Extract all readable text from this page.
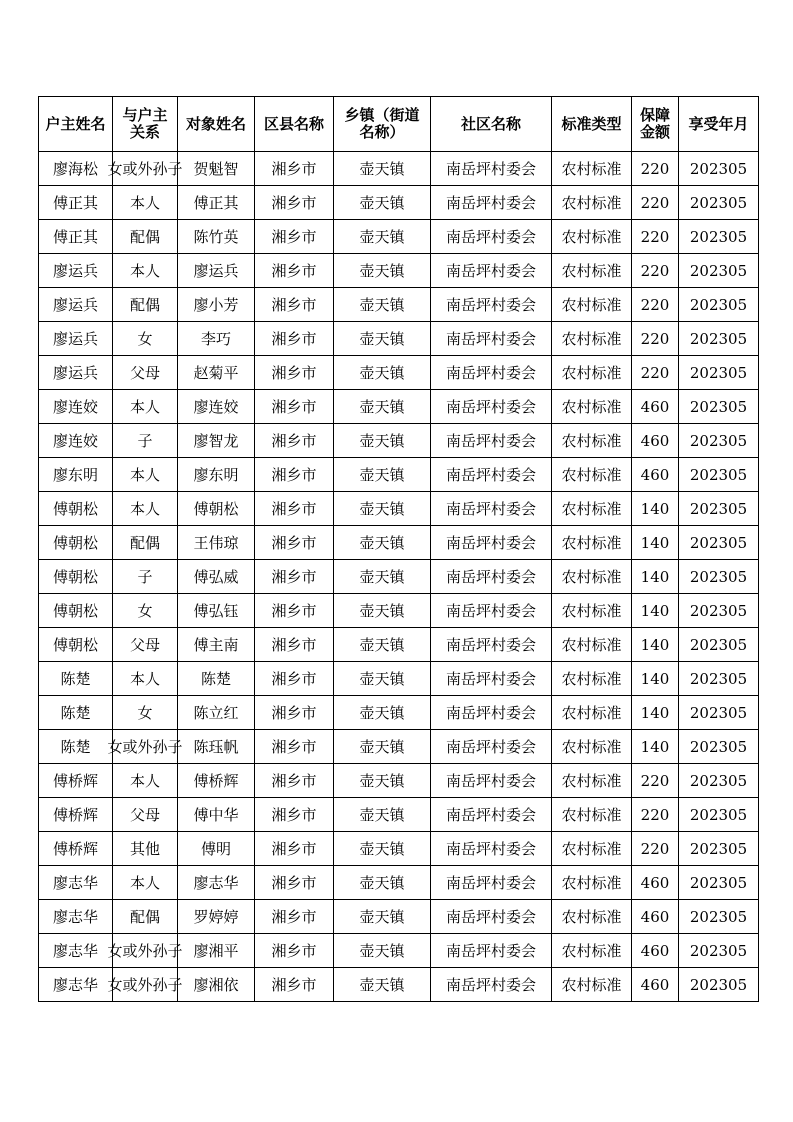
户主姓名	与户主关系	对象姓名	区县名称	乡镇（街道名称）	社区名称	标准类型	保障金额	享受年月
廖海松	女或外孙子	贺魁智	湘乡市	壶天镇	南岳坪村委会	农村标准	220	202305
傅正其	本人	傅正其	湘乡市	壶天镇	南岳坪村委会	农村标准	220	202305
傅正其	配偶	陈竹英	湘乡市	壶天镇	南岳坪村委会	农村标准	220	202305
廖运兵	本人	廖运兵	湘乡市	壶天镇	南岳坪村委会	农村标准	220	202305
廖运兵	配偶	廖小芳	湘乡市	壶天镇	南岳坪村委会	农村标准	220	202305
廖运兵	女	李巧	湘乡市	壶天镇	南岳坪村委会	农村标准	220	202305
廖运兵	父母	赵菊平	湘乡市	壶天镇	南岳坪村委会	农村标准	220	202305
廖连姣	本人	廖连姣	湘乡市	壶天镇	南岳坪村委会	农村标准	460	202305
廖连姣	子	廖智龙	湘乡市	壶天镇	南岳坪村委会	农村标准	460	202305
廖东明	本人	廖东明	湘乡市	壶天镇	南岳坪村委会	农村标准	460	202305
傅朝松	本人	傅朝松	湘乡市	壶天镇	南岳坪村委会	农村标准	140	202305
傅朝松	配偶	王伟琼	湘乡市	壶天镇	南岳坪村委会	农村标准	140	202305
傅朝松	子	傅弘威	湘乡市	壶天镇	南岳坪村委会	农村标准	140	202305
傅朝松	女	傅弘钰	湘乡市	壶天镇	南岳坪村委会	农村标准	140	202305
傅朝松	父母	傅主南	湘乡市	壶天镇	南岳坪村委会	农村标准	140	202305
陈楚	本人	陈楚	湘乡市	壶天镇	南岳坪村委会	农村标准	140	202305
陈楚	女	陈立红	湘乡市	壶天镇	南岳坪村委会	农村标准	140	202305
陈楚	女或外孙子	陈珏帆	湘乡市	壶天镇	南岳坪村委会	农村标准	140	202305
傅桥辉	本人	傅桥辉	湘乡市	壶天镇	南岳坪村委会	农村标准	220	202305
傅桥辉	父母	傅中华	湘乡市	壶天镇	南岳坪村委会	农村标准	220	202305
傅桥辉	其他	傅明	湘乡市	壶天镇	南岳坪村委会	农村标准	220	202305
廖志华	本人	廖志华	湘乡市	壶天镇	南岳坪村委会	农村标准	460	202305
廖志华	配偶	罗婷婷	湘乡市	壶天镇	南岳坪村委会	农村标准	460	202305
廖志华	女或外孙子	廖湘平	湘乡市	壶天镇	南岳坪村委会	农村标准	460	202305
廖志华	女或外孙子	廖湘依	湘乡市	壶天镇	南岳坪村委会	农村标准	460	202305
